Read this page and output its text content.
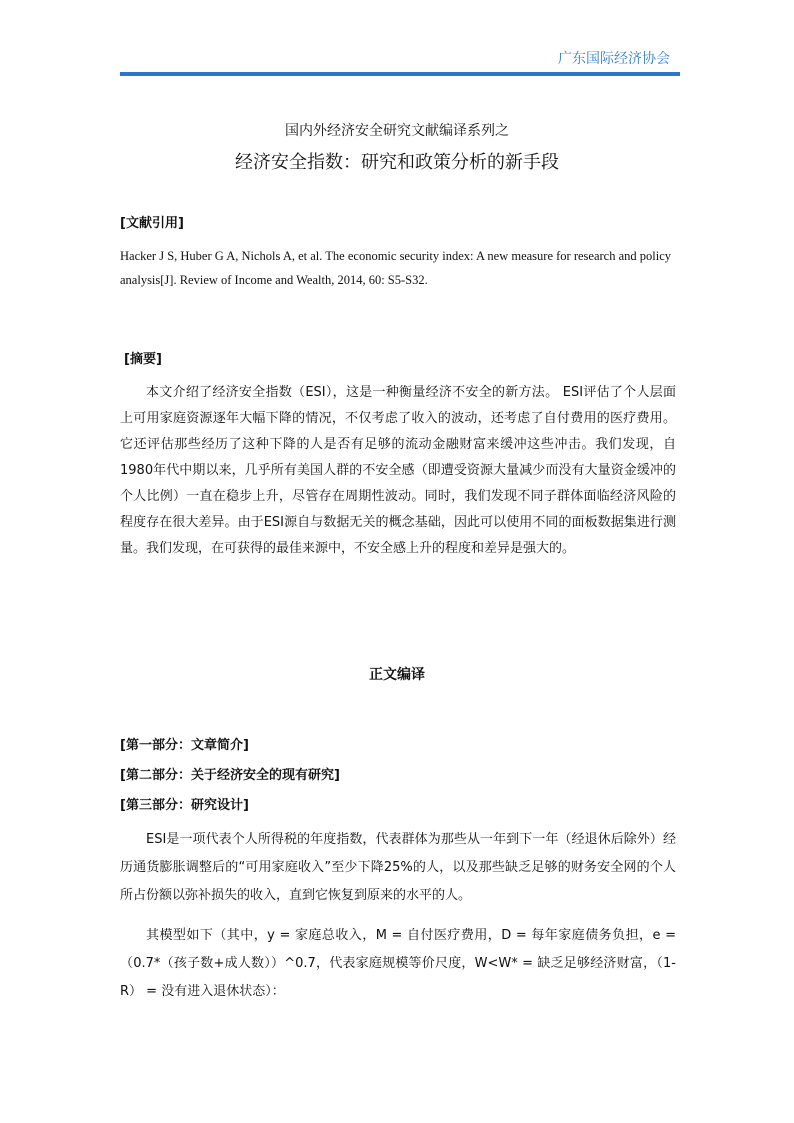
广东国际经济协会
国内外经济安全研究文献编译系列之
经济安全指数：研究和政策分析的新手段
[文献引用]
Hacker J S, Huber G A, Nichols A, et al. The economic security index: A new measure for research and policy analysis[J]. Review of Income and Wealth, 2014, 60: S5-S32.
[摘要]
本文介绍了经济安全指数（ESI），这是一种衡量经济不安全的新方法。 ESI评估了个人层面上可用家庭资源逐年大幅下降的情况，不仅考虑了收入的波动，还考虑了自付费用的医疗费用。它还评估那些经历了这种下降的人是否有足够的流动金融财富来缓冲这些冲击。我们发现，自1980年代中期以来，几乎所有美国人群的不安全感（即遭受资源大量减少而没有大量资金缓冲的个人比例）一直在稳步上升，尽管存在周期性波动。同时，我们发现不同子群体面临经济风险的程度存在很大差异。由于ESI源自与数据无关的概念基础，因此可以使用不同的面板数据集进行测量。我们发现，在可获得的最佳来源中，不安全感上升的程度和差异是强大的。
正文编译
[第一部分：文章简介]
[第二部分：关于经济安全的现有研究]
[第三部分：研究设计]
ESI是一项代表个人所得税的年度指数，代表群体为那些从一年到下一年（经退休后除外）经历通货膨胀调整后的“可用家庭收入”至少下降25%的人，以及那些缺乏足够的财务安全网的个人所占份额以弥补损失的收入，直到它恢复到原来的水平的人。
其模型如下（其中，y = 家庭总收入，M = 自付医疗费用，D = 每年家庭债务负担，e = （0.7*（孩子数+成人数））^0.7，代表家庭规模等价尺度，W<W* = 缺乏足够经济财富，（1-R） = 没有进入退休状态）：
